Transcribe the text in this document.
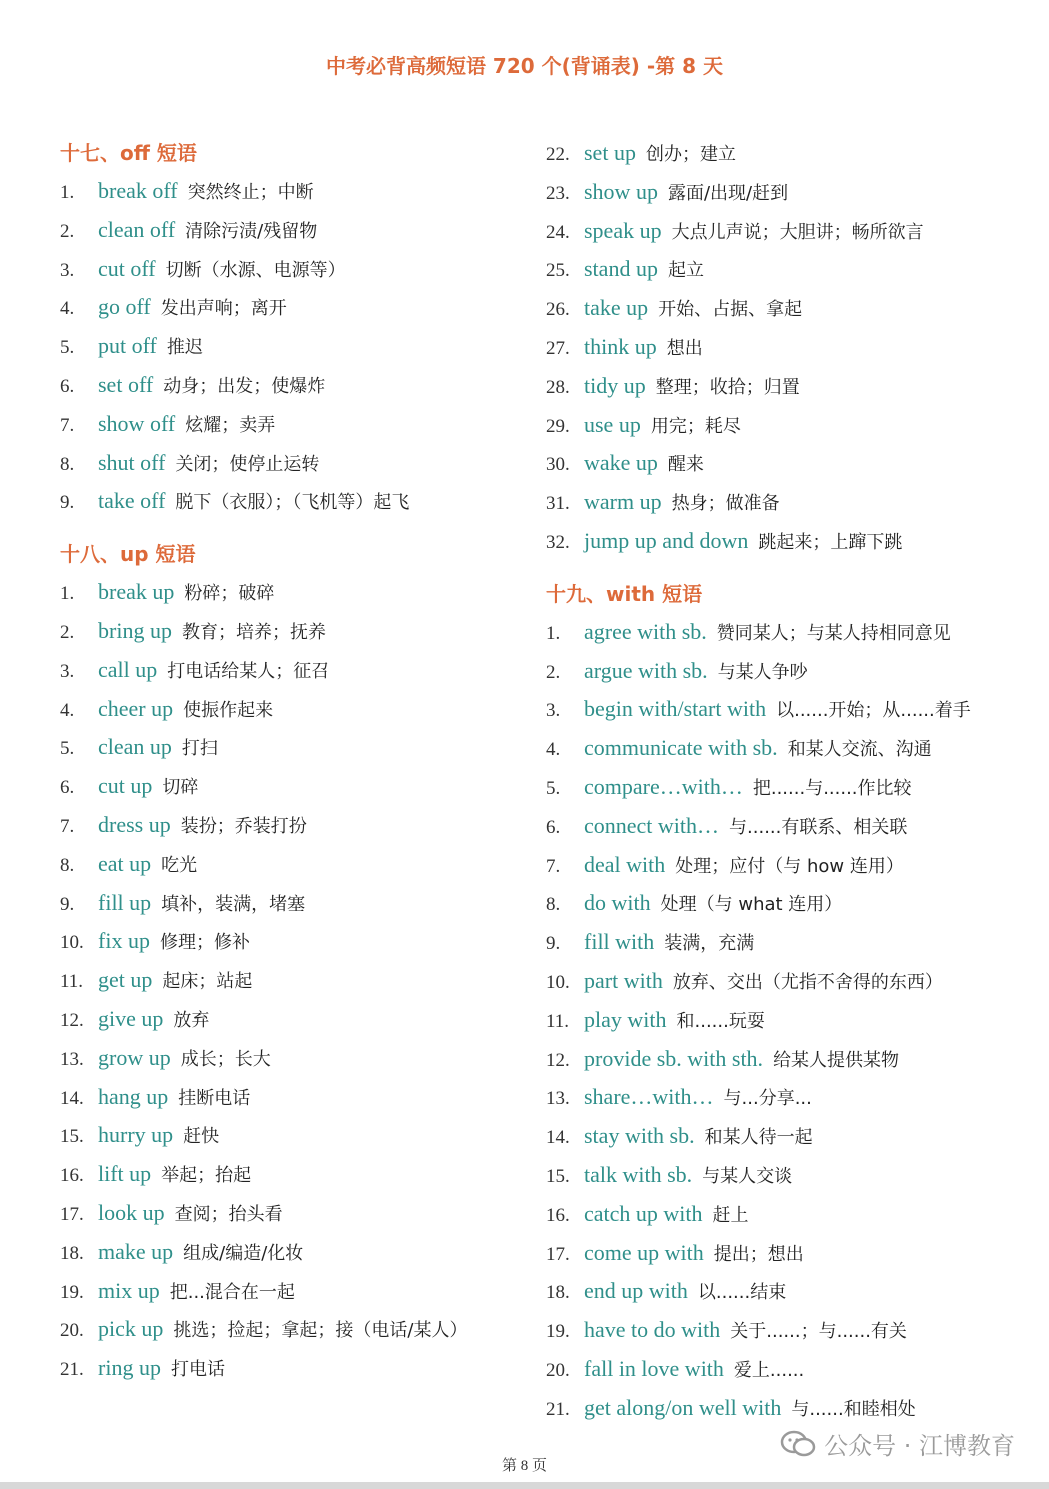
中考必背高频短语 720 个(背诵表) -第 8 天
十七、off 短语
1. break off 突然终止；中断
2. clean off 清除污渍/残留物
3. cut off 切断（水源、电源等）
4. go off 发出声响；离开
5. put off 推迟
6. set off 动身；出发；使爆炸
7. show off 炫耀；卖弄
8. shut off 关闭；使停止运转
9. take off 脱下（衣服）；（飞机等）起飞
十八、up 短语
1. break up 粉碎；破碎
2. bring up 教育；培养；抚养
3. call up 打电话给某人；征召
4. cheer up 使振作起来
5. clean up 打扫
6. cut up 切碎
7. dress up 装扮；乔装打扮
8. eat up 吃光
9. fill up 填补，装满，堵塞
10. fix up 修理；修补
11. get up 起床；站起
12. give up 放弃
13. grow up 成长；长大
14. hang up 挂断电话
15. hurry up 赶快
16. lift up 举起；抬起
17. look up 查阅；抬头看
18. make up 组成/编造/化妆
19. mix up 把...混合在一起
20. pick up 挑选；捡起；拿起；接（电话/某人）
21. ring up 打电话
22. set up 创办；建立
23. show up 露面/出现/赶到
24. speak up 大点儿声说；大胆讲；畅所欲言
25. stand up 起立
26. take up 开始、占据、拿起
27. think up 想出
28. tidy up 整理；收拾；归置
29. use up 用完；耗尽
30. wake up 醒来
31. warm up 热身；做准备
32. jump up and down 跳起来；上蹿下跳
十九、with 短语
1. agree with sb. 赞同某人；与某人持相同意见
2. argue with sb. 与某人争吵
3. begin with/start with 以......开始；从......着手
4. communicate with sb. 和某人交流、沟通
5. compare…with… 把......与......作比较
6. connect with… 与......有联系、相关联
7. deal with 处理；应付（与 how 连用）
8. do with 处理（与 what 连用）
9. fill with 装满，充满
10. part with 放弃、交出（尤指不舍得的东西）
11. play with 和......玩耍
12. provide sb. with sth. 给某人提供某物
13. share…with… 与...分享...
14. stay with sb. 和某人待一起
15. talk with sb. 与某人交谈
16. catch up with 赶上
17. come up with 提出；想出
18. end up with 以......结束
19. have to do with 关于......；与......有关
20. fall in love with 爱上......
21. get along/on well with 与......和睦相处
公众号 · 江博教育
第 8 页
